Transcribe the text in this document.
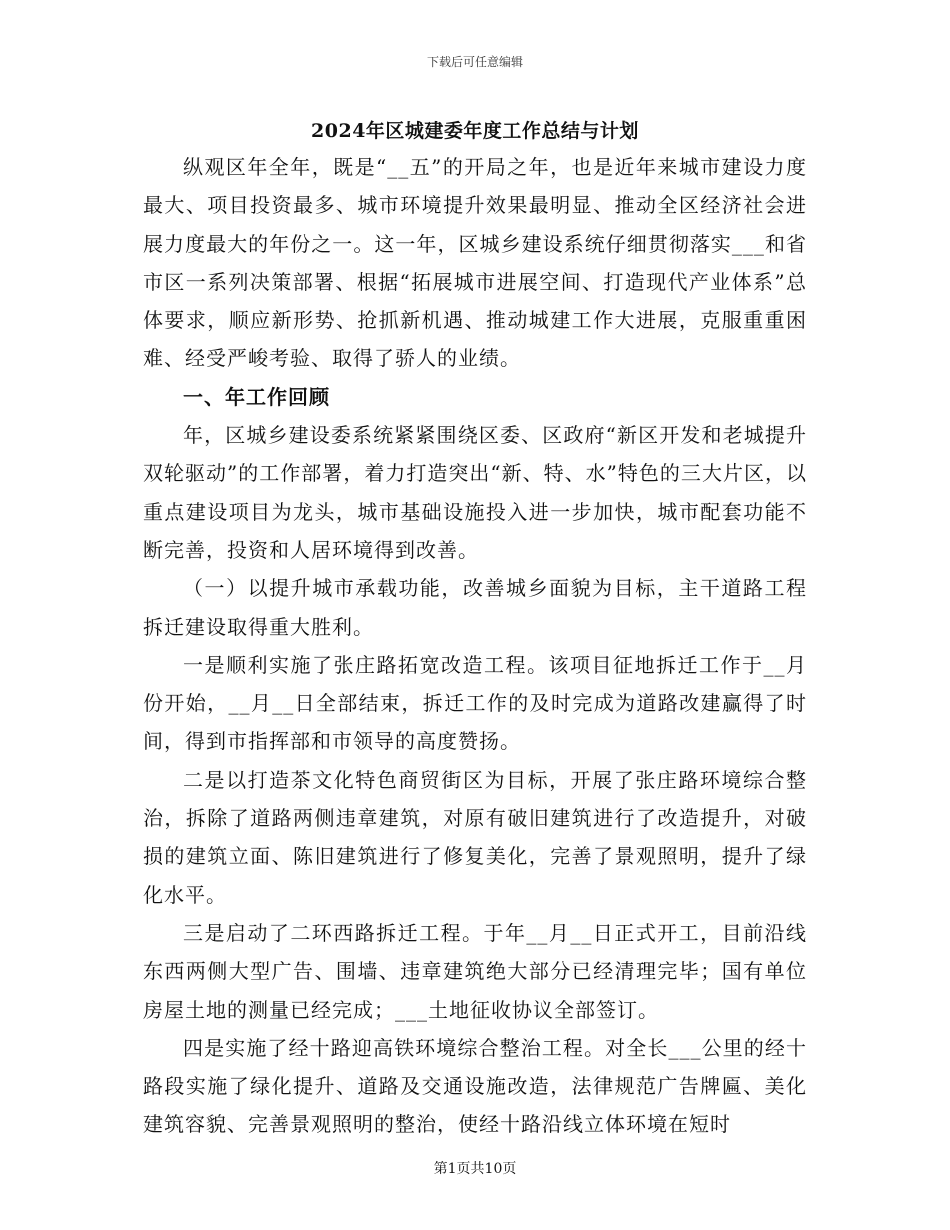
下载后可任意编辑
2024年区城建委年度工作总结与计划

纵观区年全年，既是“__五”的开局之年，也是近年来城市建设力度最大、项目投资最多、城市环境提升效果最明显、推动全区经济社会进展力度最大的年份之一。这一年，区城乡建设系统仔细贯彻落实___和省市区一系列决策部署、根据“拓展城市进展空间、打造现代产业体系”总体要求，顺应新形势、抢抓新机遇、推动城建工作大进展，克服重重困难、经受严峻考验、取得了骄人的业绩。

一、年工作回顾

年，区城乡建设委系统紧紧围绕区委、区政府“新区开发和老城提升双轮驱动”的工作部署，着力打造突出“新、特、水”特色的三大片区，以重点建设项目为龙头，城市基础设施投入进一步加快，城市配套功能不断完善，投资和人居环境得到改善。

（一）以提升城市承载功能，改善城乡面貌为目标，主干道路工程拆迁建设取得重大胜利。

一是顺利实施了张庄路拓宽改造工程。该项目征地拆迁工作于__月份开始，__月__日全部结束，拆迁工作的及时完成为道路改建赢得了时间，得到市指挥部和市领导的高度赞扬。

二是以打造茶文化特色商贸街区为目标，开展了张庄路环境综合整治，拆除了道路两侧违章建筑，对原有破旧建筑进行了改造提升，对破损的建筑立面、陈旧建筑进行了修复美化，完善了景观照明，提升了绿化水平。

三是启动了二环西路拆迁工程。于年__月__日正式开工，目前沿线东西两侧大型广告、围墙、违章建筑绝大部分已经清理完毕；国有单位房屋土地的测量已经完成；___土地征收协议全部签订。

四是实施了经十路迎高铁环境综合整治工程。对全长___公里的经十路段实施了绿化提升、道路及交通设施改造，法律规范广告牌匾、美化建筑容貌、完善景观照明的整治，使经十路沿线立体环境在短时

第1页共10页
